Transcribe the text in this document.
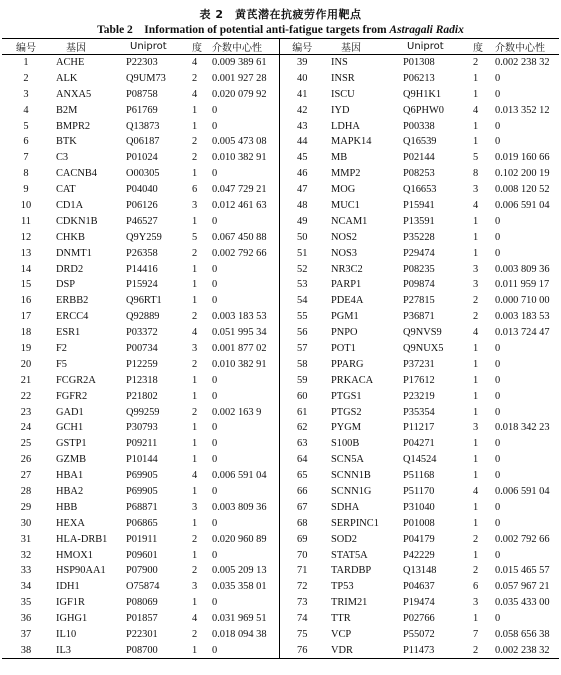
表 2　黄芪潜在抗疲劳作用靶点
Table 2　Information of potential anti-fatigue targets from Astragali Radix
编号	基因	Uniprot	度	介数中心性	编号	基因	Uniprot	度	介数中心性
1	ACHE	P22303	4	0.009 389 61	39	INS	P01308	2	0.002 238 32
2	ALK	Q9UM73	2	0.001 927 28	40	INSR	P06213	1	0
3	ANXA5	P08758	4	0.020 079 92	41	ISCU	Q9H1K1	1	0
4	B2M	P61769	1	0	42	IYD	Q6PHW0	4	0.013 352 12
5	BMPR2	Q13873	1	0	43	LDHA	P00338	1	0
6	BTK	Q06187	2	0.005 473 08	44	MAPK14	Q16539	1	0
7	C3	P01024	2	0.010 382 91	45	MB	P02144	5	0.019 160 66
8	CACNB4	O00305	1	0	46	MMP2	P08253	8	0.102 200 19
9	CAT	P04040	6	0.047 729 21	47	MOG	Q16653	3	0.008 120 52
10	CD1A	P06126	3	0.012 461 63	48	MUC1	P15941	4	0.006 591 04
11	CDKN1B	P46527	1	0	49	NCAM1	P13591	1	0
12	CHKB	Q9Y259	5	0.067 450 88	50	NOS2	P35228	1	0
13	DNMT1	P26358	2	0.002 792 66	51	NOS3	P29474	1	0
14	DRD2	P14416	1	0	52	NR3C2	P08235	3	0.003 809 36
15	DSP	P15924	1	0	53	PARP1	P09874	3	0.011 959 17
16	ERBB2	Q96RT1	1	0	54	PDE4A	P27815	2	0.000 710 00
17	ERCC4	Q92889	2	0.003 183 53	55	PGM1	P36871	2	0.003 183 53
18	ESR1	P03372	4	0.051 995 34	56	PNPO	Q9NVS9	4	0.013 724 47
19	F2	P00734	3	0.001 877 02	57	POT1	Q9NUX5	1	0
20	F5	P12259	2	0.010 382 91	58	PPARG	P37231	1	0
21	FCGR2A	P12318	1	0	59	PRKACA	P17612	1	0
22	FGFR2	P21802	1	0	60	PTGS1	P23219	1	0
23	GAD1	Q99259	2	0.002 163 9	61	PTGS2	P35354	1	0
24	GCH1	P30793	1	0	62	PYGM	P11217	3	0.018 342 23
25	GSTP1	P09211	1	0	63	S100B	P04271	1	0
26	GZMB	P10144	1	0	64	SCN5A	Q14524	1	0
27	HBA1	P69905	4	0.006 591 04	65	SCNN1B	P51168	1	0
28	HBA2	P69905	1	0	66	SCNN1G	P51170	4	0.006 591 04
29	HBB	P68871	3	0.003 809 36	67	SDHA	P31040	1	0
30	HEXA	P06865	1	0	68	SERPINC1	P01008	1	0
31	HLA-DRB1	P01911	2	0.020 960 89	69	SOD2	P04179	2	0.002 792 66
32	HMOX1	P09601	1	0	70	STAT5A	P42229	1	0
33	HSP90AA1	P07900	2	0.005 209 13	71	TARDBP	Q13148	2	0.015 465 57
34	IDH1	O75874	3	0.035 358 01	72	TP53	P04637	6	0.057 967 21
35	IGF1R	P08069	1	0	73	TRIM21	P19474	3	0.035 433 00
36	IGHG1	P01857	4	0.031 969 51	74	TTR	P02766	1	0
37	IL10	P22301	2	0.018 094 38	75	VCP	P55072	7	0.058 656 38
38	IL3	P08700	1	0	76	VDR	P11473	2	0.002 238 32
